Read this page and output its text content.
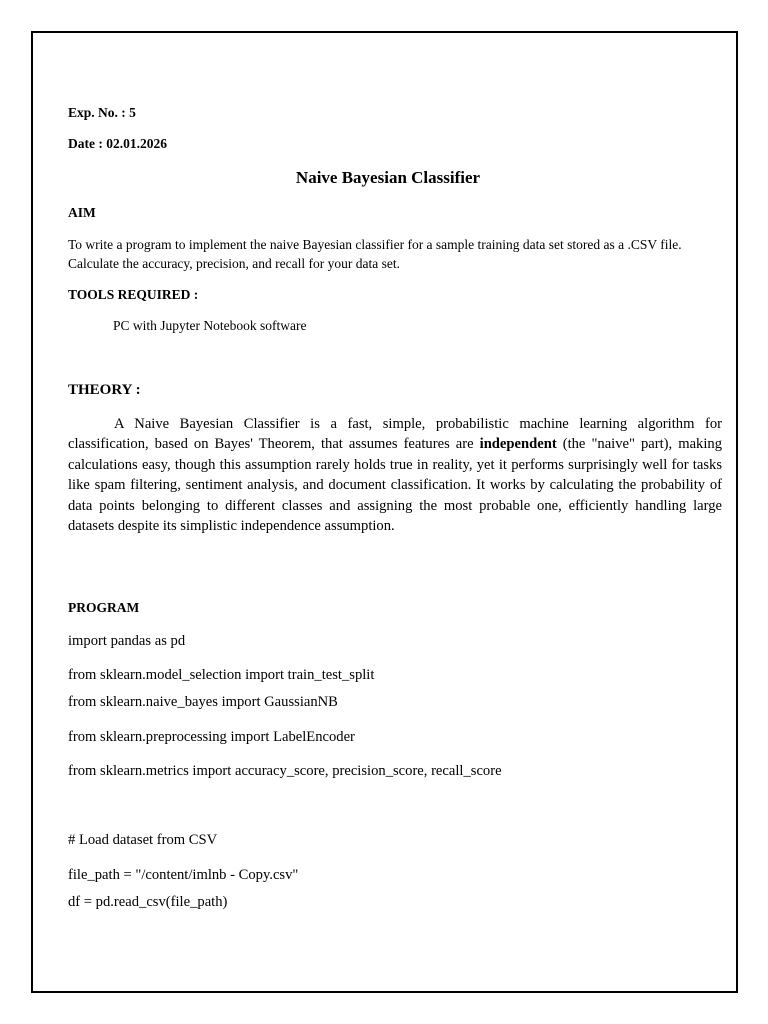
Exp. No. : 5

Date : 02.01.2026

Naive Bayesian Classifier

AIM

To write a program to implement the naive Bayesian classifier for a sample training data set stored as a .CSV file. Calculate the accuracy, precision, and recall for your data set.

TOOLS REQUIRED :

PC with Jupyter Notebook software

THEORY :

A Naive Bayesian Classifier is a fast, simple, probabilistic machine learning algorithm for classification, based on Bayes' Theorem, that assumes features are independent (the "naive" part), making calculations easy, though this assumption rarely holds true in reality, yet it performs surprisingly well for tasks like spam filtering, sentiment analysis, and document classification. It works by calculating the probability of data points belonging to different classes and assigning the most probable one, efficiently handling large datasets despite its simplistic independence assumption.

PROGRAM

import pandas as pd

from sklearn.model_selection import train_test_split

from sklearn.naive_bayes import GaussianNB

from sklearn.preprocessing import LabelEncoder

from sklearn.metrics import accuracy_score, precision_score, recall_score

# Load dataset from CSV

file_path = "/content/imlnb - Copy.csv"

df = pd.read_csv(file_path)
